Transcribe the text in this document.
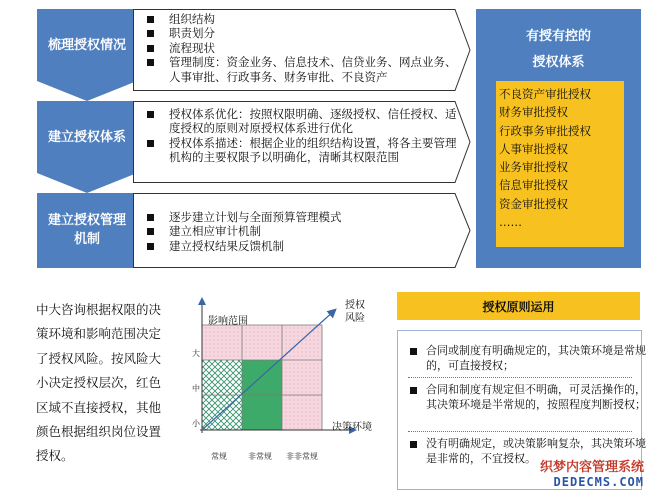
梳理授权情况
组织结构
职责划分
流程现状
管理制度：资金业务、信息技术、信贷业务、网点业务、人事审批、行政事务、财务审批、不良资产
建立授权体系
授权体系优化：按照权限明确、逐级授权、信任授权、适度授权的原则对原授权体系进行优化
授权体系描述：根据企业的组织结构设置，将各主要管理机构的主要权限予以明确化，清晰其权限范围
建立授权管理机制
逐步建立计划与全面预算管理模式
建立相应审计机制
建立授权结果反馈机制
有授有控的
授权体系
不良资产审批授权
财务审批授权
行政事务审批授权
人事审批授权
业务审批授权
信息审批授权
资金审批授权
……
中大咨询根据权限的决策环境和影响范围决定了授权风险。按风险大小决定授权层次，红色区域不直接授权，其他颜色根据组织岗位设置授权。
影响范围
决策环境
授权
风险
大
中
小
常规	非常规 非非常规
授权原则运用
合同或制度有明确规定的，其决策环境是常规的，可直接授权；
合同和制度有规定但不明确，可灵活操作的，其决策环境是半常规的，按照程度判断授权；
没有明确规定，或决策影响复杂，其决策环境是非常的，不宜授权。
织梦内容管理系统
DEDECMS.COM
